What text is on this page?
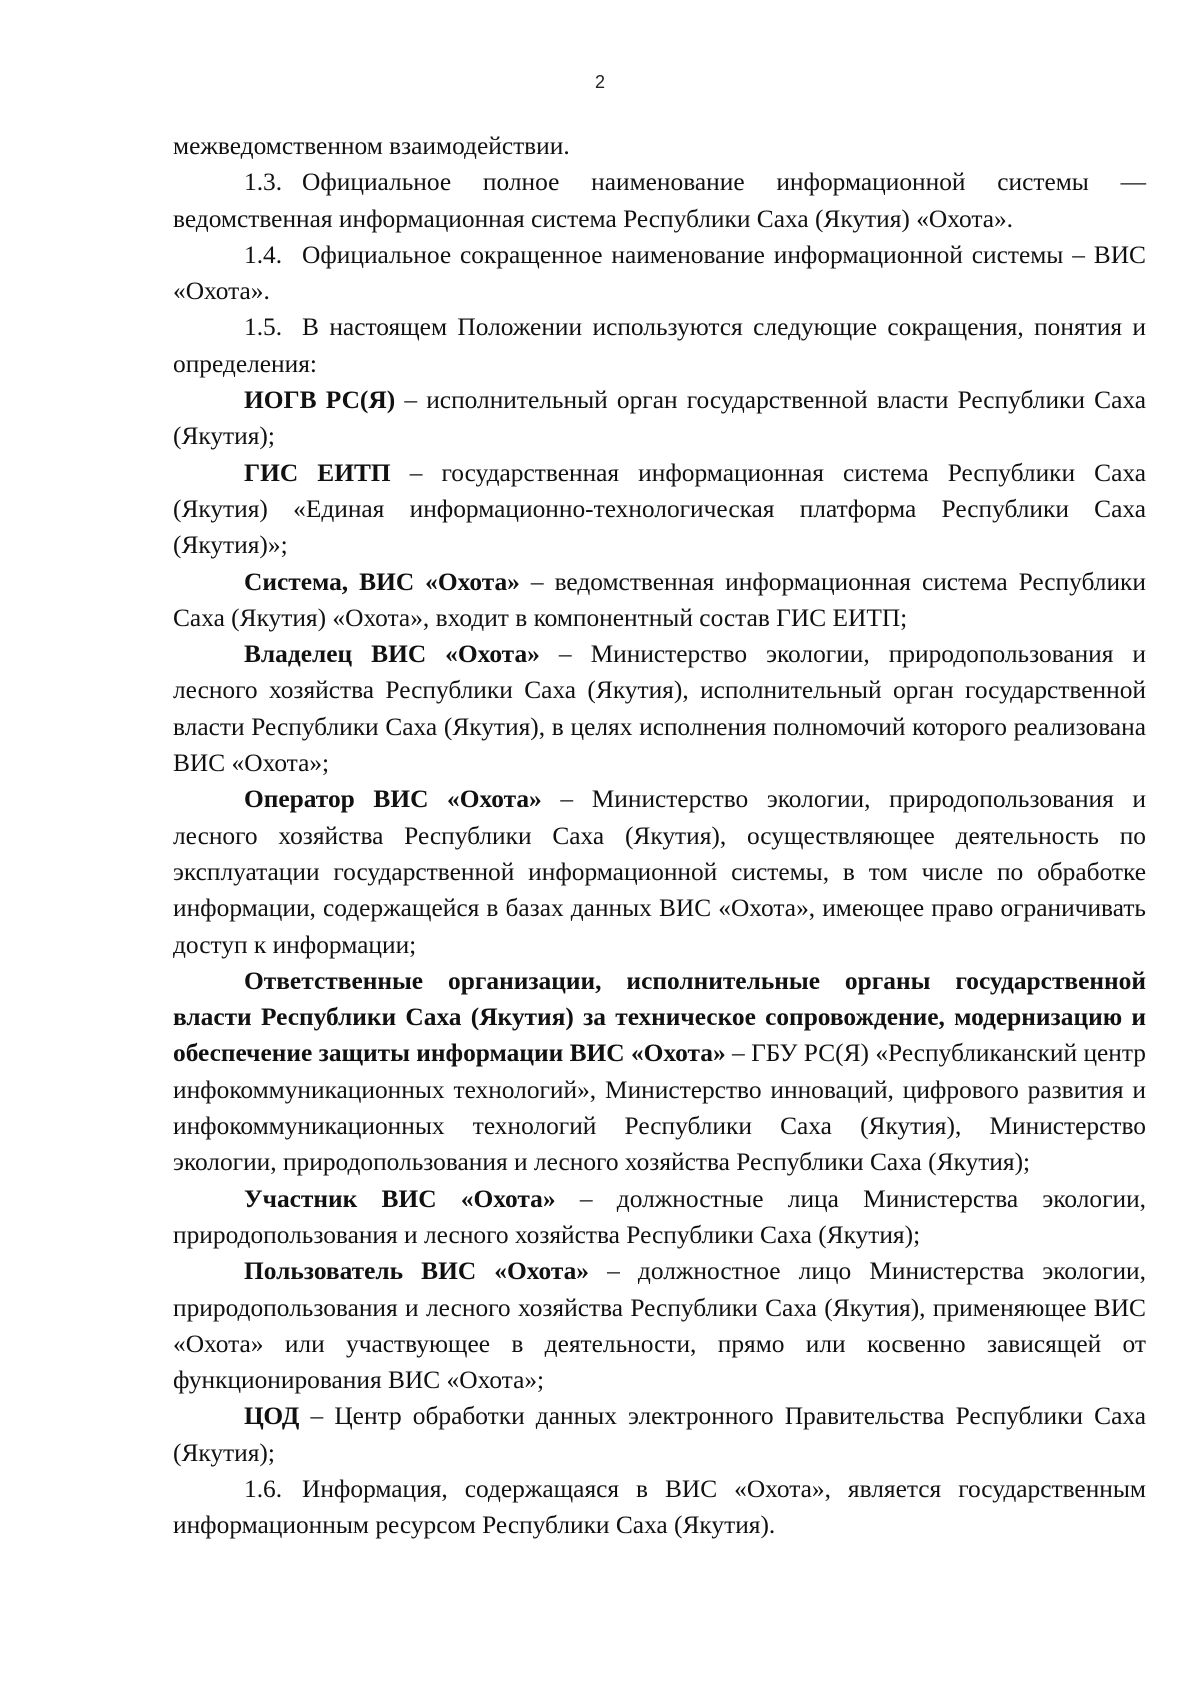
2

межведомственном взаимодействии.

1.3. Официальное полное наименование информационной системы — ведомственная информационная система Республики Саха (Якутия) «Охота».

1.4. Официальное сокращенное наименование информационной системы – ВИС «Охота».

1.5. В настоящем Положении используются следующие сокращения, понятия и определения:

ИОГВ РС(Я) – исполнительный орган государственной власти Республики Саха (Якутия);

ГИС ЕИТП – государственная информационная система Республики Саха (Якутия) «Единая информационно-технологическая платформа Республики Саха (Якутия)»;

Система, ВИС «Охота» – ведомственная информационная система Республики Саха (Якутия) «Охота», входит в компонентный состав ГИС ЕИТП;

Владелец ВИС «Охота» – Министерство экологии, природопользования и лесного хозяйства Республики Саха (Якутия), исполнительный орган государственной власти Республики Саха (Якутия), в целях исполнения полномочий которого реализована ВИС «Охота»;

Оператор ВИС «Охота» – Министерство экологии, природопользования и лесного хозяйства Республики Саха (Якутия), осуществляющее деятельность по эксплуатации государственной информационной системы, в том числе по обработке информации, содержащейся в базах данных ВИС «Охота», имеющее право ограничивать доступ к информации;

Ответственные организации, исполнительные органы государственной власти Республики Саха (Якутия) за техническое сопровождение, модернизацию и обеспечение защиты информации ВИС «Охота» – ГБУ РС(Я) «Республиканский центр инфокоммуникационных технологий», Министерство инноваций, цифрового развития и инфокоммуникационных технологий Республики Саха (Якутия), Министерство экологии, природопользования и лесного хозяйства Республики Саха (Якутия);

Участник ВИС «Охота» – должностные лица Министерства экологии, природопользования и лесного хозяйства Республики Саха (Якутия);

Пользователь ВИС «Охота» – должностное лицо Министерства экологии, природопользования и лесного хозяйства Республики Саха (Якутия), применяющее ВИС «Охота» или участвующее в деятельности, прямо или косвенно зависящей от функционирования ВИС «Охота»;

ЦОД – Центр обработки данных электронного Правительства Республики Саха (Якутия);

1.6. Информация, содержащаяся в ВИС «Охота», является государственным информационным ресурсом Республики Саха (Якутия).
